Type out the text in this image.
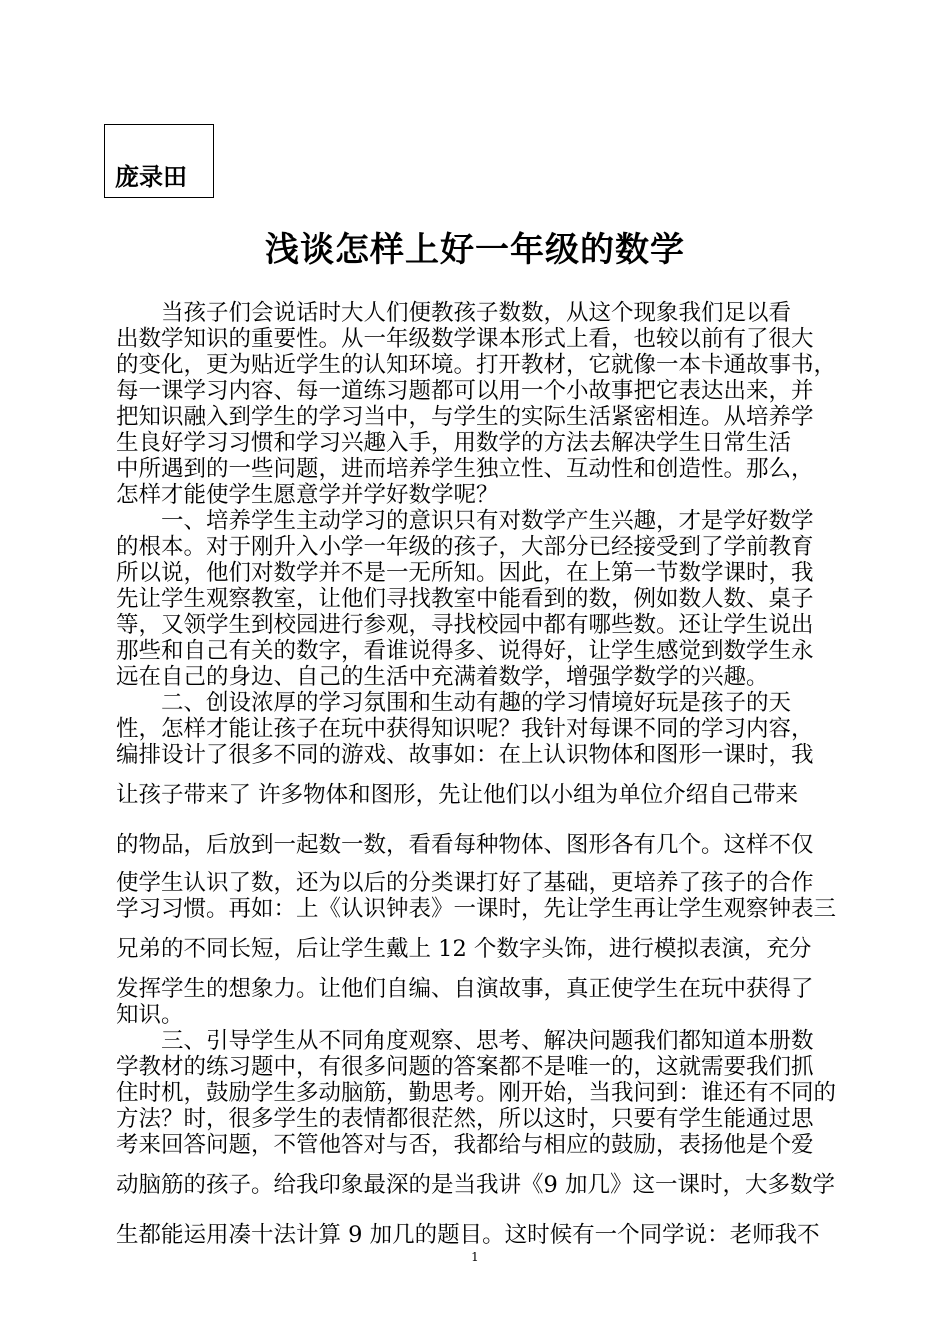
庞录田
浅谈怎样上好一年级的数学
　　当孩子们会说话时大人们便教孩子数数，从这个现象我们足以看
出数学知识的重要性。从一年级数学课本形式上看，也较以前有了很大
的变化，更为贴近学生的认知环境。打开教材，它就像一本卡通故事书，
每一课学习内容、每一道练习题都可以用一个小故事把它表达出来，并
把知识融入到学生的学习当中，与学生的实际生活紧密相连。从培养学
生良好学习习惯和学习兴趣入手，用数学的方法去解决学生日常生活
中所遇到的一些问题，进而培养学生独立性、互动性和创造性。那么，
怎样才能使学生愿意学并学好数学呢？
　　一、培养学生主动学习的意识只有对数学产生兴趣，才是学好数学
的根本。对于刚升入小学一年级的孩子，大部分已经接受到了学前教育
所以说，他们对数学并不是一无所知。因此，在上第一节数学课时，我
先让学生观察教室，让他们寻找教室中能看到的数，例如数人数、桌子
等，又领学生到校园进行参观，寻找校园中都有哪些数。还让学生说出
那些和自己有关的数字，看谁说得多、说得好，让学生感觉到数学生永
远在自己的身边、自己的生活中充满着数学，增强学数学的兴趣。
　　二、创设浓厚的学习氛围和生动有趣的学习情境好玩是孩子的天
性，怎样才能让孩子在玩中获得知识呢？我针对每课不同的学习内容，
编排设计了很多不同的游戏、故事如：在上认识物体和图形一课时，我
让孩子带来了 许多物体和图形，先让他们以小组为单位介绍自己带来
的物品，后放到一起数一数，看看每种物体、图形各有几个。这样不仅
使学生认识了数，还为以后的分类课打好了基础，更培养了孩子的合作
学习习惯。再如：上《认识钟表》一课时，先让学生再让学生观察钟表三
兄弟的不同长短，后让学生戴上 12 个数字头饰，进行模拟表演，充分
发挥学生的想象力。让他们自编、自演故事，真正使学生在玩中获得了
知识。
　　三、引导学生从不同角度观察、思考、解决问题我们都知道本册数
学教材的练习题中，有很多问题的答案都不是唯一的，这就需要我们抓
住时机，鼓励学生多动脑筋，勤思考。刚开始，当我问到：谁还有不同的
方法？时，很多学生的表情都很茫然，所以这时，只要有学生能通过思
考来回答问题，不管他答对与否，我都给与相应的鼓励，表扬他是个爱
动脑筋的孩子。给我印象最深的是当我讲《9 加几》这一课时，大多数学
生都能运用凑十法计算 9 加几的题目。这时候有一个同学说：老师我不
1
